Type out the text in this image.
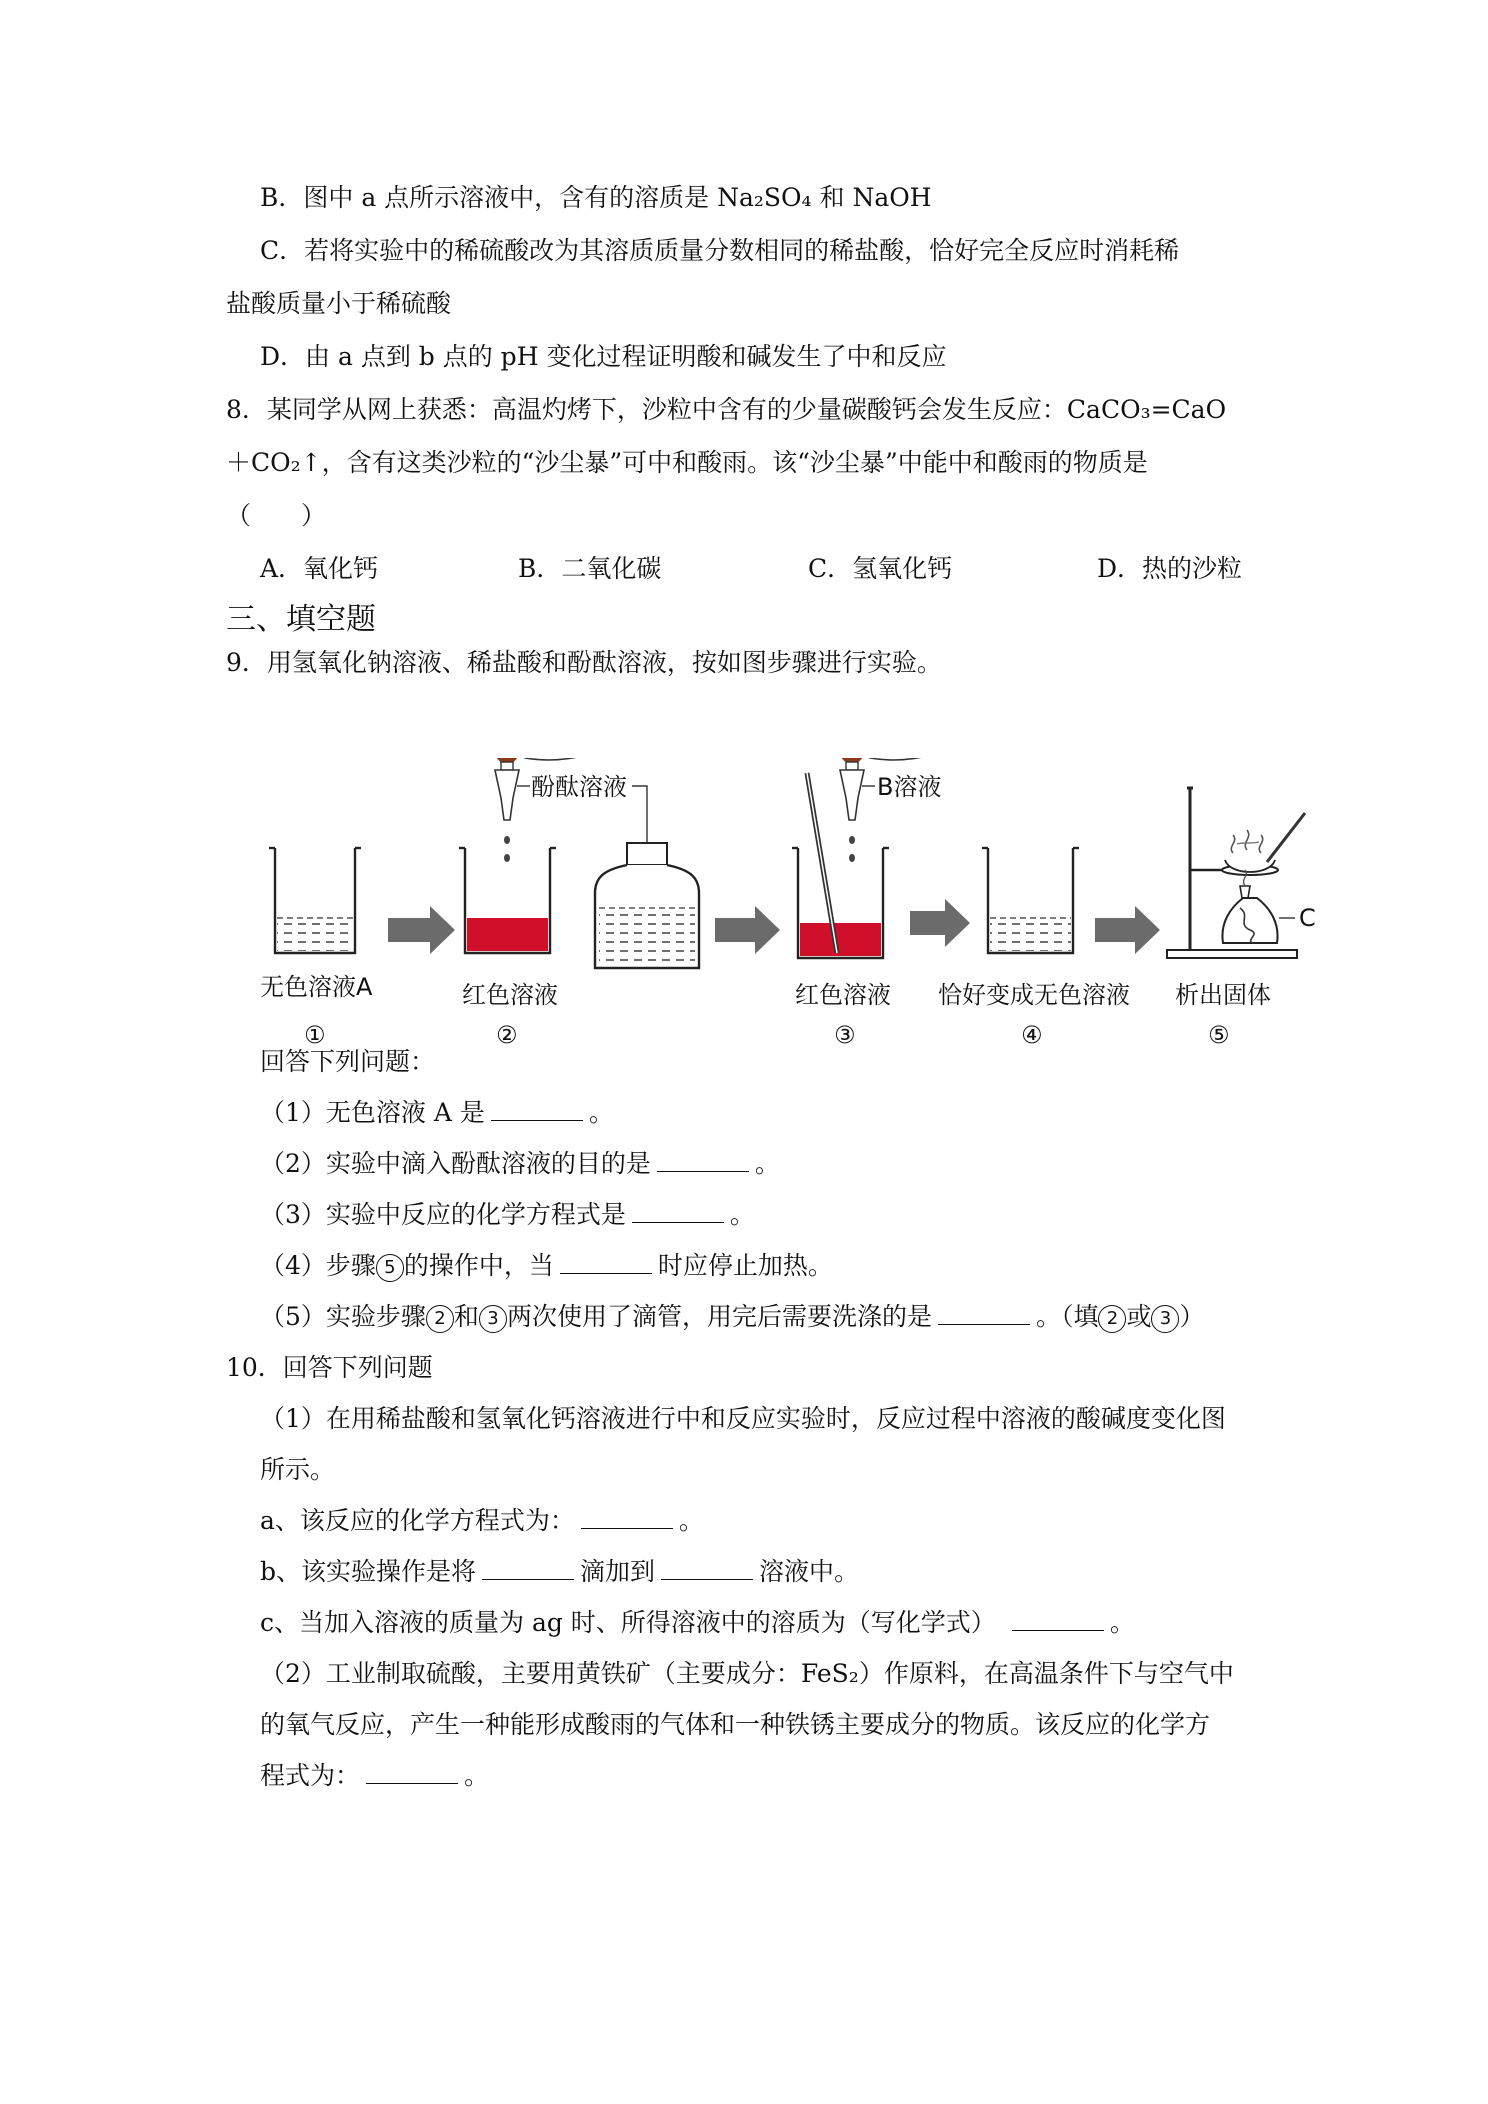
B．图中 a 点所示溶液中，含有的溶质是 Na₂SO₄ 和 NaOH
C．若将实验中的稀硫酸改为其溶质质量分数相同的稀盐酸，恰好完全反应时消耗稀
盐酸质量小于稀硫酸
D．由 a 点到 b 点的 pH 变化过程证明酸和碱发生了中和反应
8．某同学从网上获悉：高温灼烤下，沙粒中含有的少量碳酸钙会发生反应：CaCO₃=CaO
＋CO₂↑，含有这类沙粒的“沙尘暴”可中和酸雨。该“沙尘暴”中能中和酸雨的物质是
（　　）
A．氧化钙	B．二氧化碳	C．氢氧化钙	D．热的沙粒
三、填空题
9．用氢氧化钠溶液、稀盐酸和酚酞溶液，按如图步骤进行实验。
酚酞溶液	B溶液
C
无色溶液A	红色溶液	红色溶液 恰好变成无色溶液 析出固体
①	②	③	④	⑤
回答下列问题：
（1）无色溶液 A 是	。
（2）实验中滴入酚酞溶液的目的是	。
（3）实验中反应的化学方程式是	。
（4）步骤 5 的操作中，当	时应停止加热。
（5）实验步骤 2 和 3 两次使用了滴管，用完后需要洗涤的是	。（填 2 或 3 ）
10．回答下列问题
（1）在用稀盐酸和氢氧化钙溶液进行中和反应实验时，反应过程中溶液的酸碱度变化图
所示。
a、该反应的化学方程式为：	。
b、该实验操作是将	滴加到	溶液中。
c、当加入溶液的质量为 ag 时、所得溶液中的溶质为（写化学式）	。
（2）工业制取硫酸，主要用黄铁矿（主要成分：FeS₂）作原料，在高温条件下与空气中
的氧气反应，产生一种能形成酸雨的气体和一种铁锈主要成分的物质。该反应的化学方
程式为：	。
